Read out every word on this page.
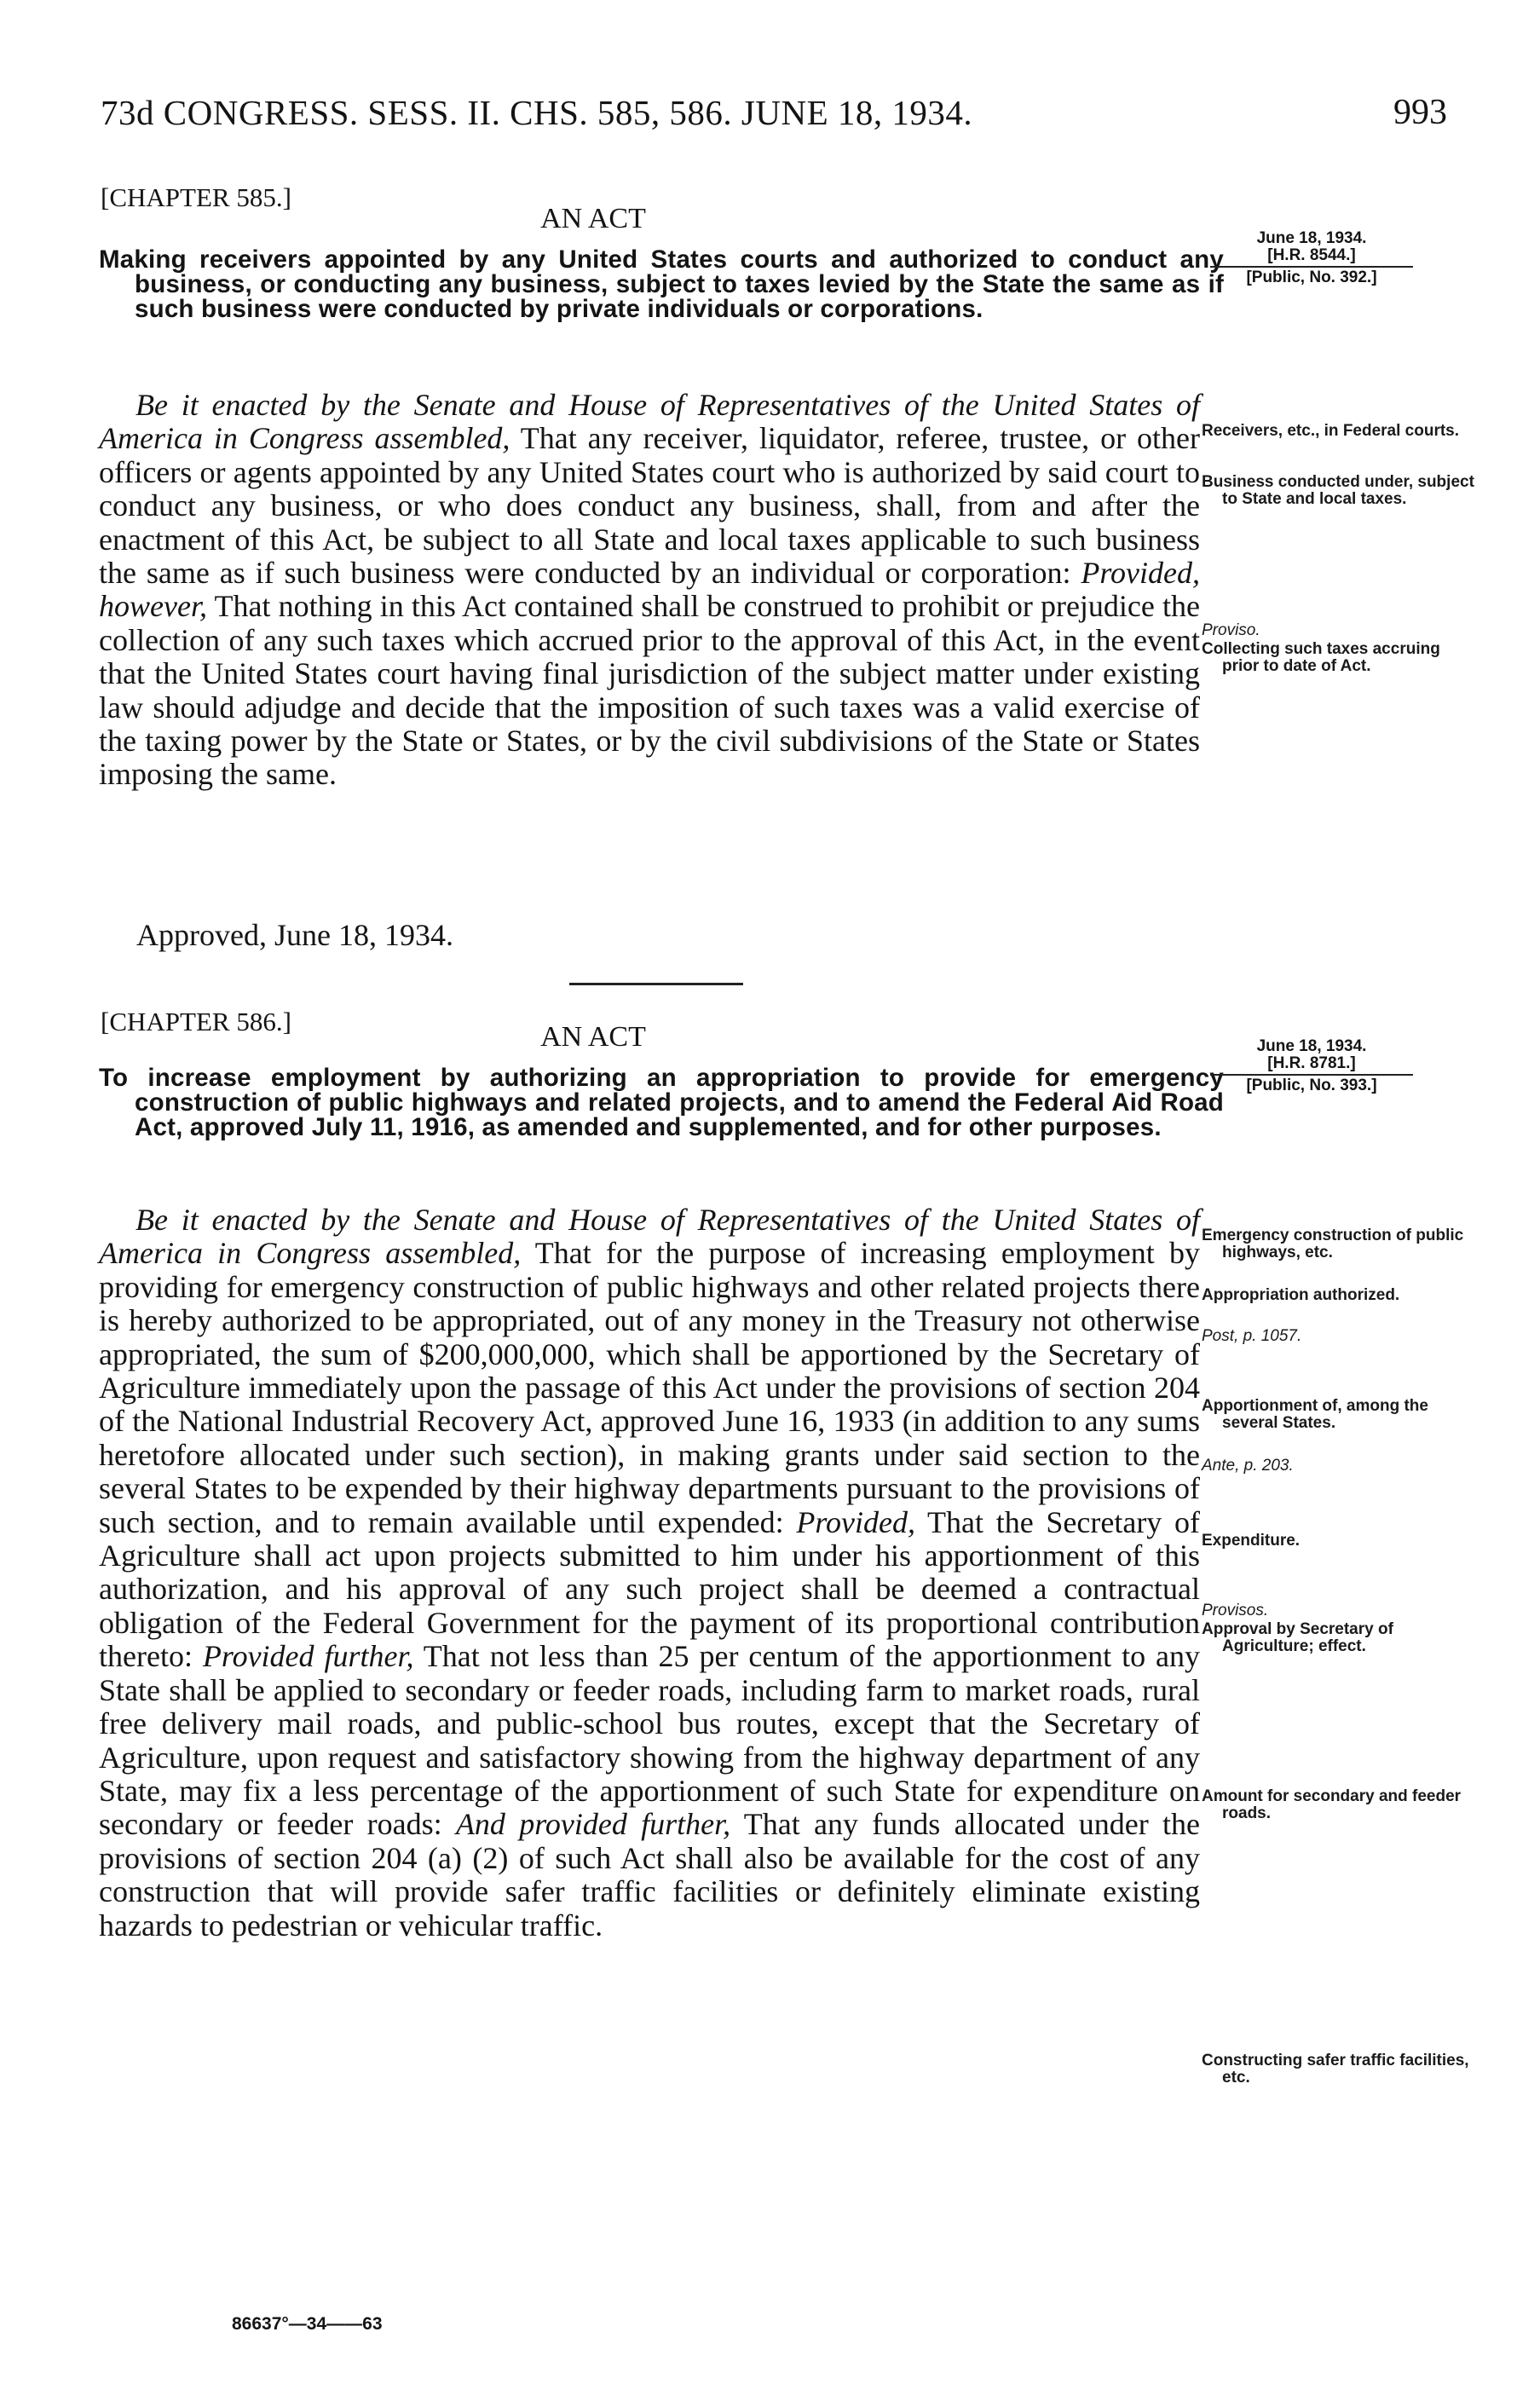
73d CONGRESS. SESS. II. CHS. 585, 586. JUNE 18, 1934.	993
[CHAPTER 585.]
AN ACT
Making receivers appointed by any United States courts and authorized to conduct any business, or conducting any business, subject to taxes levied by the State the same as if such business were conducted by private individuals or corporations.
June 18, 1934.
[H.R. 8544.]
[Public, No. 392.]
Be it enacted by the Senate and House of Representatives of the United States of America in Congress assembled, That any receiver, liquidator, referee, trustee, or other officers or agents appointed by any United States court who is authorized by said court to conduct any business, or who does conduct any business, shall, from and after the enactment of this Act, be subject to all State and local taxes applicable to such business the same as if such business were conducted by an individual or corporation: Provided, however, That nothing in this Act contained shall be construed to prohibit or prejudice the collection of any such taxes which accrued prior to the approval of this Act, in the event that the United States court having final jurisdiction of the subject matter under existing law should adjudge and decide that the imposition of such taxes was a valid exercise of the taxing power by the State or States, or by the civil subdivisions of the State or States imposing the same.
Approved, June 18, 1934.
Receivers, etc., in Federal courts.
Business conducted under, subject to State and local taxes.
Proviso.
Collecting such taxes accruing prior to date of Act.
[CHAPTER 586.]	AN ACT
To increase employment by authorizing an appropriation to provide for emergency construction of public highways and related projects, and to amend the Federal Aid Road Act, approved July 11, 1916, as amended and supplemented, and for other purposes.
June 18, 1934.
[H.R. 8781.]
[Public, No. 393.]
Be it enacted by the Senate and House of Representatives of the United States of America in Congress assembled, That for the purpose of increasing employment by providing for emergency construction of public highways and other related projects there is hereby authorized to be appropriated, out of any money in the Treasury not otherwise appropriated, the sum of $200,000,000, which shall be apportioned by the Secretary of Agriculture immediately upon the passage of this Act under the provisions of section 204 of the National Industrial Recovery Act, approved June 16, 1933 (in addition to any sums heretofore allocated under such section), in making grants under said section to the several States to be expended by their highway departments pursuant to the provisions of such section, and to remain available until expended: Provided, That the Secretary of Agriculture shall act upon projects submitted to him under his apportionment of this authorization, and his approval of any such project shall be deemed a contractual obligation of the Federal Government for the payment of its proportional contribution thereto: Provided further, That not less than 25 per centum of the apportionment to any State shall be applied to secondary or feeder roads, including farm to market roads, rural free delivery mail roads, and public-school bus routes, except that the Secretary of Agriculture, upon request and satisfactory showing from the highway department of any State, may fix a less percentage of the apportionment of such State for expenditure on secondary or feeder roads: And provided further, That any funds allocated under the provisions of section 204 (a) (2) of such Act shall also be available for the cost of any construction that will provide safer traffic facilities or definitely eliminate existing hazards to pedestrian or vehicular traffic.
Emergency construction of public highways, etc.
Appropriation authorized.
Post, p. 1057.
Apportionment of, among the several States.
Ante, p. 203.
Expenditure.
Provisos.
Approval by Secretary of Agriculture; effect.
Amount for secondary and feeder roads.
Constructing safer traffic facilities, etc.
86637°—34——63
